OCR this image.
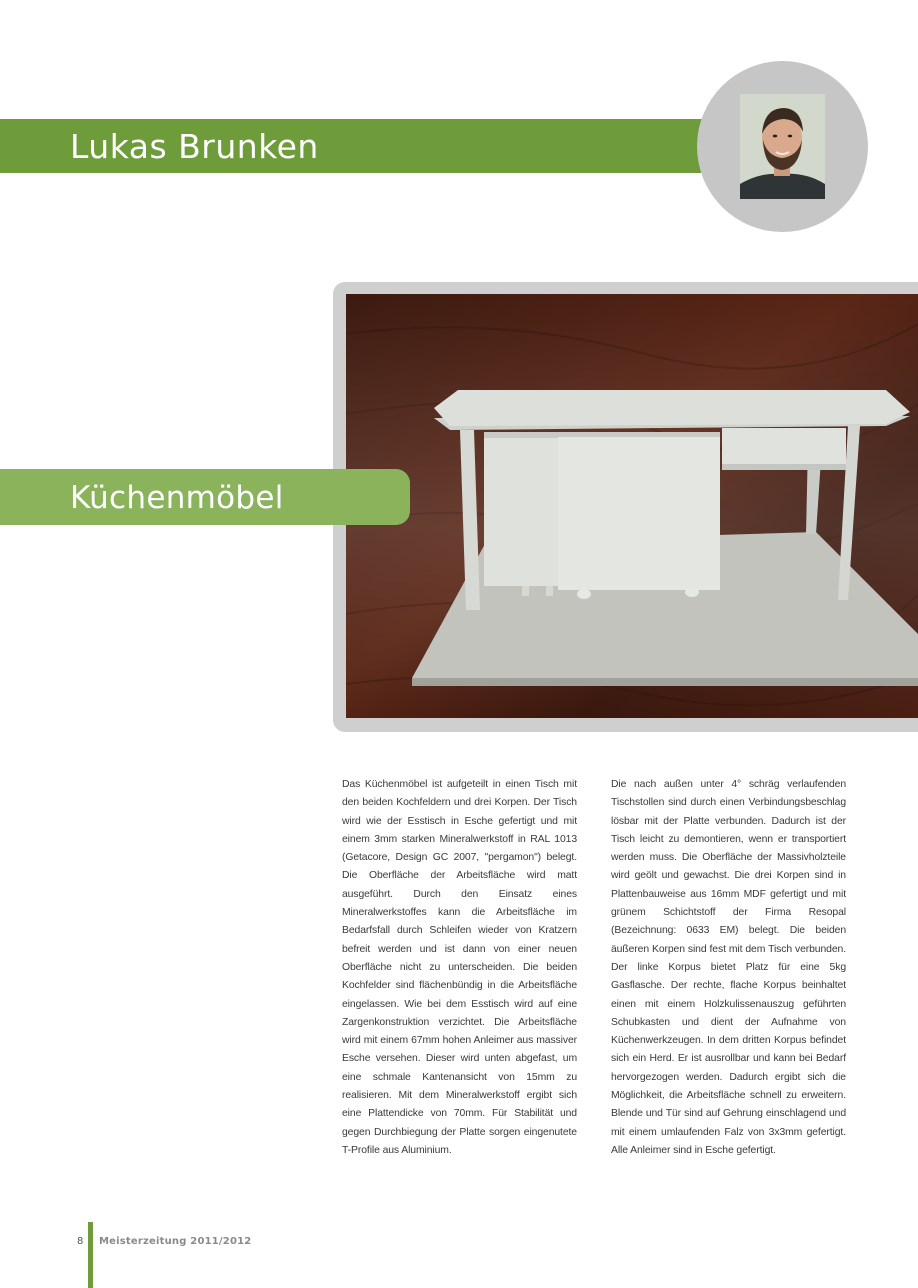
Lukas Brunken
Küchenmöbel
Das Küchenmöbel ist aufgeteilt in einen Tisch mit den beiden Kochfeldern und drei Korpen. Der Tisch wird wie der Esstisch in Esche gefertigt und mit einem 3mm starken Mineralwerkstoff in RAL 1013 (Getacore, Design GC 2007, "pergamon") belegt. Die Oberfläche der Arbeitsfläche wird matt ausgeführt. Durch den Einsatz eines Mineralwerkstoffes kann die Arbeitsfläche im Bedarfsfall durch Schleifen wieder von Kratzern befreit werden und ist dann von einer neuen Oberfläche nicht zu unterscheiden. Die beiden Kochfelder sind flächenbündig in die Arbeitsfläche eingelassen. Wie bei dem Esstisch wird auf eine Zargenkonstruktion verzichtet. Die Arbeitsfläche wird mit einem 67mm hohen Anleimer aus massiver Esche versehen. Dieser wird unten abgefast, um eine schmale Kantenansicht von 15mm zu realisieren. Mit dem Mineralwerkstoff ergibt sich eine Plattendicke von 70mm. Für Stabilität und gegen Durchbiegung der Platte sorgen eingenutete T-Profile aus Aluminium.
Die nach außen unter 4° schräg verlaufenden Tischstollen sind durch einen Verbindungsbeschlag lösbar mit der Platte verbunden. Dadurch ist der Tisch leicht zu demontieren, wenn er transportiert werden muss. Die Oberfläche der Massivholzteile wird geölt und gewachst. Die drei Korpen sind in Plattenbauweise aus 16mm MDF gefertigt und mit grünem Schichtstoff der Firma Resopal (Bezeichnung: 0633 EM) belegt. Die beiden äußeren Korpen sind fest mit dem Tisch verbunden. Der linke Korpus bietet Platz für eine 5kg Gasflasche. Der rechte, flache Korpus beinhaltet einen mit einem Holzkulissenauszug geführten Schubkasten und dient der Aufnahme von Küchenwerkzeugen. In dem dritten Korpus befindet sich ein Herd. Er ist ausrollbar und kann bei Bedarf hervorgezogen werden. Dadurch ergibt sich die Möglichkeit, die Arbeitsfläche schnell zu erweitern. Blende und Tür sind auf Gehrung einschlagend und mit einem umlaufenden Falz von 3x3mm gefertigt. Alle Anleimer sind in Esche gefertigt.
8 Meisterzeitung 2011/2012
